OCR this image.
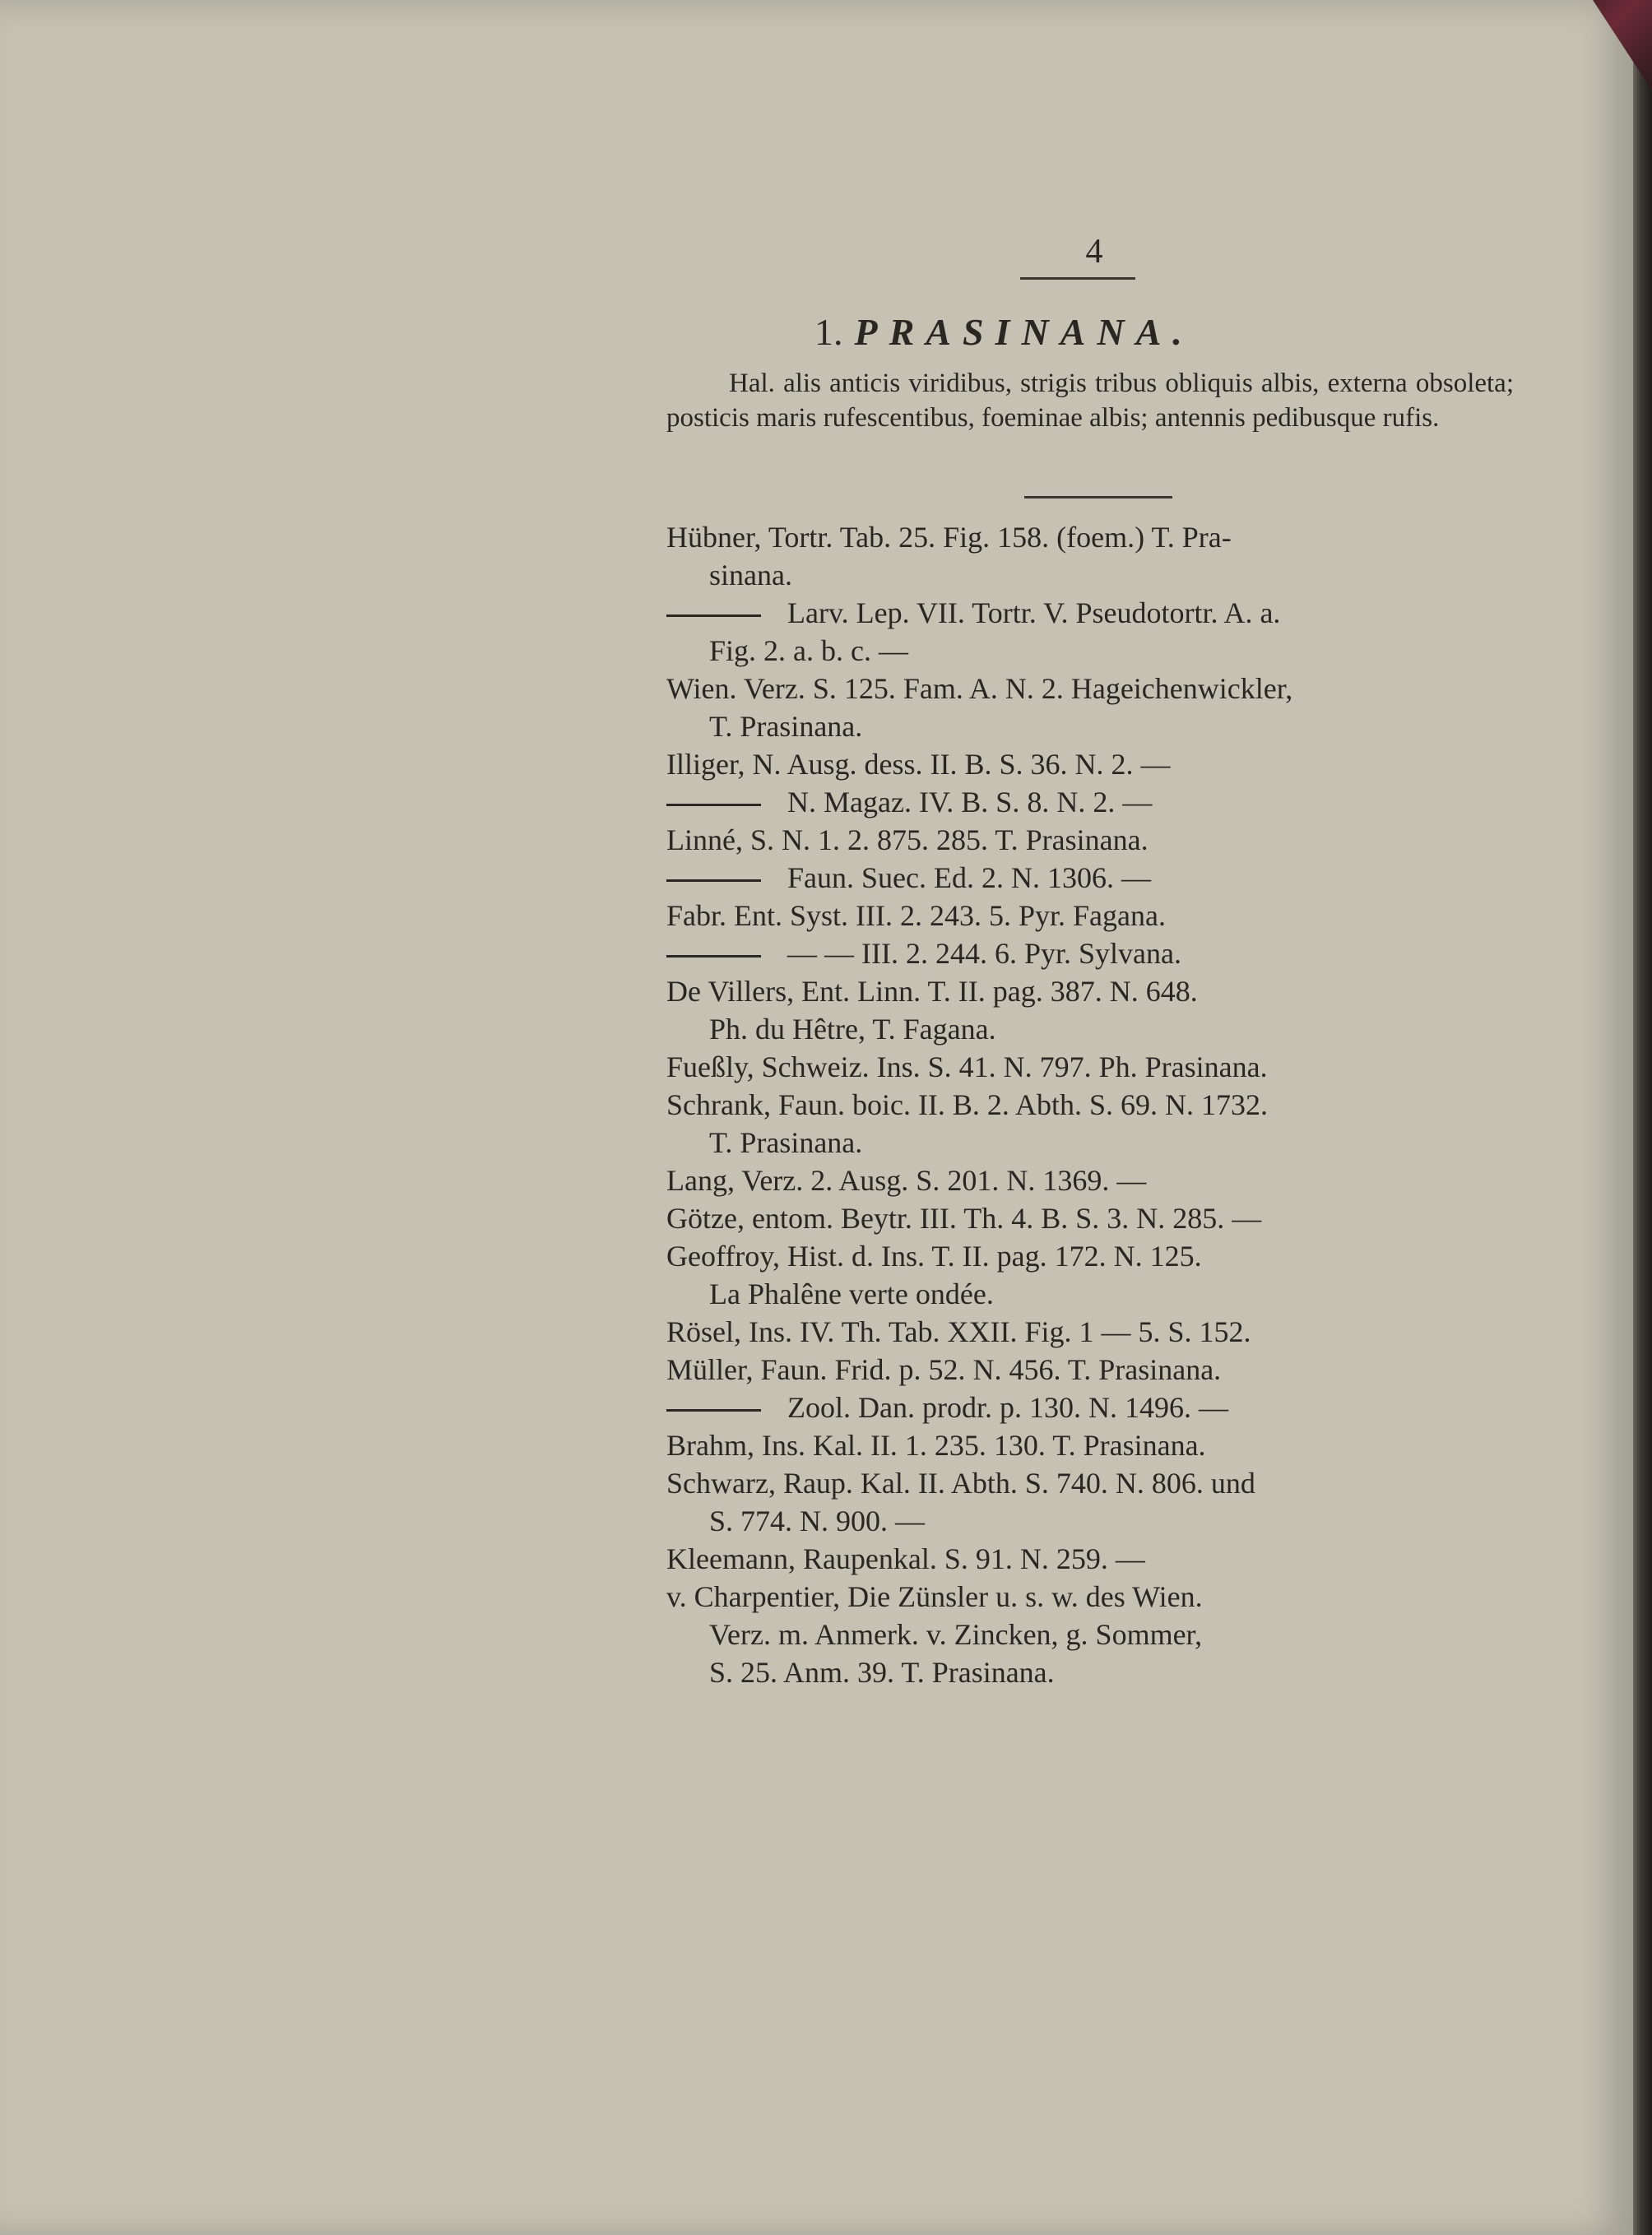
4
1. PRASINANA.
Hal. alis anticis viridibus, strigis tribus obliquis albis, externa obsoleta; posticis maris rufescentibus, foeminae albis; antennis pedibusque rufis.
Hübner, Tortr. Tab. 25. Fig. 158. (foem.) T. Pra-
sinana.
Larv. Lep. VII. Tortr. V. Pseudotortr. A. a.
Fig. 2. a. b. c. —
Wien. Verz. S. 125. Fam. A. N. 2. Hageichenwickler,
T. Prasinana.
Illiger, N. Ausg. dess. II. B. S. 36. N. 2. —
N. Magaz. IV. B. S. 8. N. 2. —
Linné, S. N. 1. 2. 875. 285. T. Prasinana.
Faun. Suec. Ed. 2. N. 1306. —
Fabr. Ent. Syst. III. 2. 243. 5. Pyr. Fagana.
— — III. 2. 244. 6. Pyr. Sylvana.
De Villers, Ent. Linn. T. II. pag. 387. N. 648.
Ph. du Hêtre, T. Fagana.
Fueßly, Schweiz. Ins. S. 41. N. 797. Ph. Prasinana.
Schrank, Faun. boic. II. B. 2. Abth. S. 69. N. 1732.
T. Prasinana.
Lang, Verz. 2. Ausg. S. 201. N. 1369. —
Götze, entom. Beytr. III. Th. 4. B. S. 3. N. 285. —
Geoffroy, Hist. d. Ins. T. II. pag. 172. N. 125.
La Phalêne verte ondée.
Rösel, Ins. IV. Th. Tab. XXII. Fig. 1 — 5. S. 152.
Müller, Faun. Frid. p. 52. N. 456. T. Prasinana.
Zool. Dan. prodr. p. 130. N. 1496. —
Brahm, Ins. Kal. II. 1. 235. 130. T. Prasinana.
Schwarz, Raup. Kal. II. Abth. S. 740. N. 806. und
S. 774. N. 900. —
Kleemann, Raupenkal. S. 91. N. 259. —
v. Charpentier, Die Zünsler u. s. w. des Wien.
Verz. m. Anmerk. v. Zincken, g. Sommer,
S. 25. Anm. 39. T. Prasinana.
